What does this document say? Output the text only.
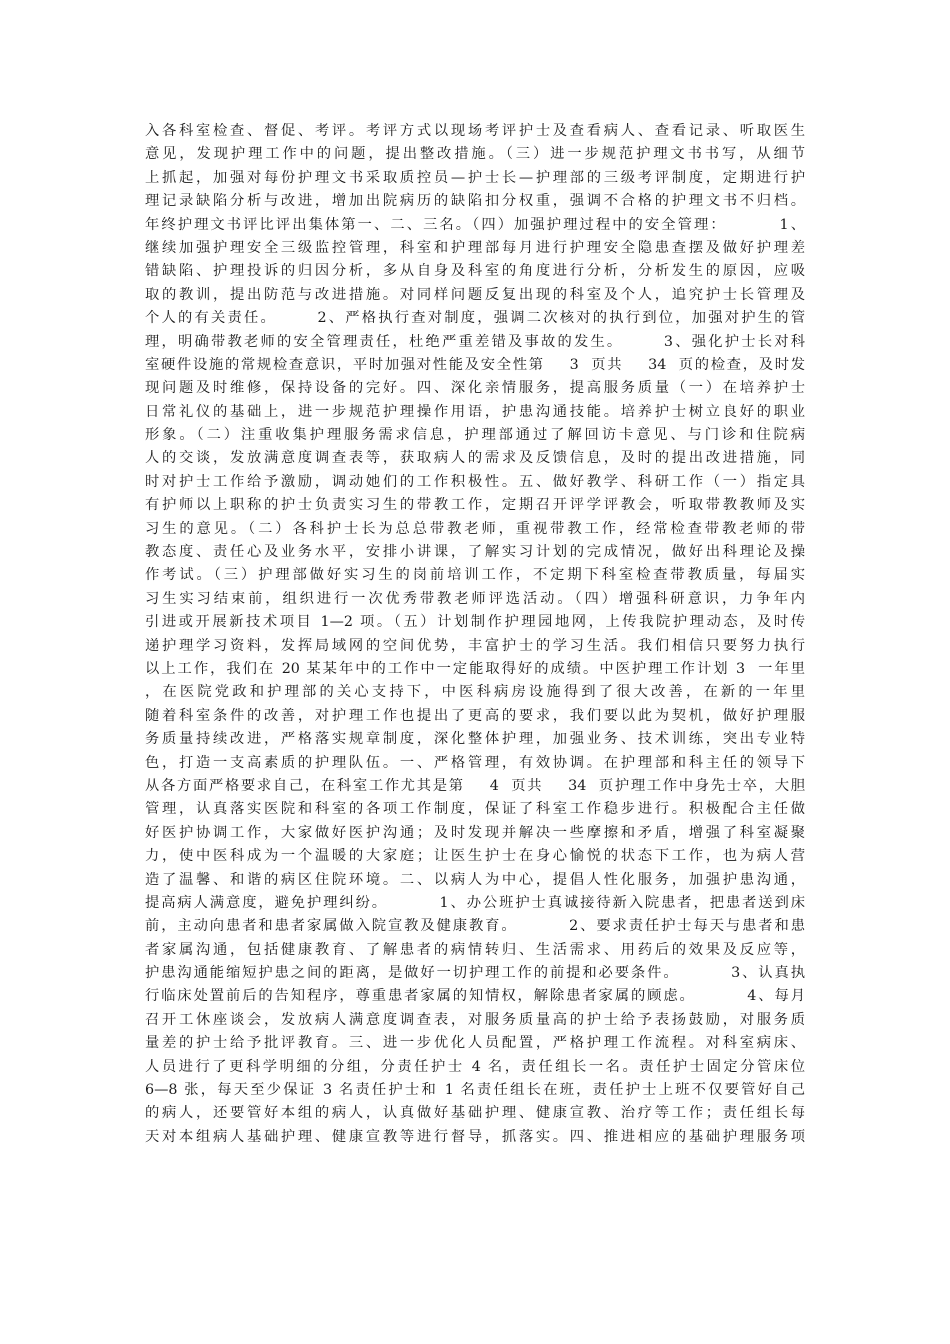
入各科室检查、督促、考评。考评方式以现场考评护士及查看病人、查看记录、听取医生
意见，发现护理工作中的问题，提出整改措施。（三）进一步规范护理文书书写，从细节
上抓起，加强对每份护理文书采取质控员—护士长—护理部的三级考评制度，定期进行护
理记录缺陷分析与改进，增加出院病历的缺陷扣分权重，强调不合格的护理文书不归档。
年终护理文书评比评出集体第一、二、三名。（四）加强护理过程中的安全管理：        1、
继续加强护理安全三级监控管理，科室和护理部每月进行护理安全隐患查摆及做好护理差
错缺陷、护理投诉的归因分析，多从自身及科室的角度进行分析，分析发生的原因，应吸
取的教训，提出防范与改进措施。对同样问题反复出现的科室及个人，追究护士长管理及
个人的有关责任。      2、严格执行查对制度，强调二次核对的执行到位，加强对护生的管
理，明确带教老师的安全管理责任，杜绝严重差错及事故的发生。      3、强化护士长对科
室硬件设施的常规检查意识，平时加强对性能及安全性第    3  页共    34  页的检查，及时发
现问题及时维修，保持设备的完好。四、深化亲情服务，提高服务质量（一）在培养护士
日常礼仪的基础上，进一步规范护理操作用语，护患沟通技能。培养护士树立良好的职业
形象。（二）注重收集护理服务需求信息，护理部通过了解回访卡意见、与门诊和住院病
人的交谈，发放满意度调查表等，获取病人的需求及反馈信息，及时的提出改进措施，同
时对护士工作给予激励，调动她们的工作积极性。五、做好教学、科研工作（一）指定具
有护师以上职称的护士负责实习生的带教工作，定期召开评学评教会，听取带教教师及实
习生的意见。（二）各科护士长为总总带教老师，重视带教工作，经常检查带教老师的带
教态度、责任心及业务水平，安排小讲课，了解实习计划的完成情况，做好出科理论及操
作考试。（三）护理部做好实习生的岗前培训工作，不定期下科室检查带教质量，每届实
习生实习结束前，组织进行一次优秀带教老师评选活动。（四）增强科研意识，力争年内
引进或开展新技术项目 1—2 项。（五）计划制作护理园地网，上传我院护理动态，及时传
递护理学习资料，发挥局域网的空间优势，丰富护士的学习生活。我们相信只要努力执行
以上工作，我们在 20 某某年中的工作中一定能取得好的成绩。中医护理工作计划 3  一年里
，在医院党政和护理部的关心支持下，中医科病房设施得到了很大改善，在新的一年里
随着科室条件的改善，对护理工作也提出了更高的要求，我们要以此为契机，做好护理服
务质量持续改进，严格落实规章制度，深化整体护理，加强业务、技术训练，突出专业特
色，打造一支高素质的护理队伍。一、严格管理，有效协调。在护理部和科主任的领导下
从各方面严格要求自己，在科室工作尤其是第    4  页共    34  页护理工作中身先士卒，大胆
管理，认真落实医院和科室的各项工作制度，保证了科室工作稳步进行。积极配合主任做
好医护协调工作，大家做好医护沟通；及时发现并解决一些摩擦和矛盾，增强了科室凝聚
力，使中医科成为一个温暖的大家庭；让医生护士在身心愉悦的状态下工作，也为病人营
造了温馨、和谐的病区住院环境。二、以病人为中心，提倡人性化服务，加强护患沟通，
提高病人满意度，避免护理纠纷。        1、办公班护士真诚接待新入院患者，把患者送到床
前，主动向患者和患者家属做入院宣教及健康教育。        2、要求责任护士每天与患者和患
者家属沟通，包括健康教育、了解患者的病情转归、生活需求、用药后的效果及反应等，
护患沟通能缩短护患之间的距离，是做好一切护理工作的前提和必要条件。        3、认真执
行临床处置前后的告知程序，尊重患者家属的知情权，解除患者家属的顾虑。        4、每月
召开工休座谈会，发放病人满意度调查表，对服务质量高的护士给予表扬鼓励，对服务质
量差的护士给予批评教育。三、进一步优化人员配置，严格护理工作流程。对科室病床、
人员进行了更科学明细的分组，分责任护士 4 名，责任组长一名。责任护士固定分管床位
6—8 张，每天至少保证 3 名责任护士和 1 名责任组长在班，责任护士上班不仅要管好自己
的病人，还要管好本组的病人，认真做好基础护理、健康宣教、治疗等工作；责任组长每
天对本组病人基础护理、健康宣教等进行督导，抓落实。四、推进相应的基础护理服务项
